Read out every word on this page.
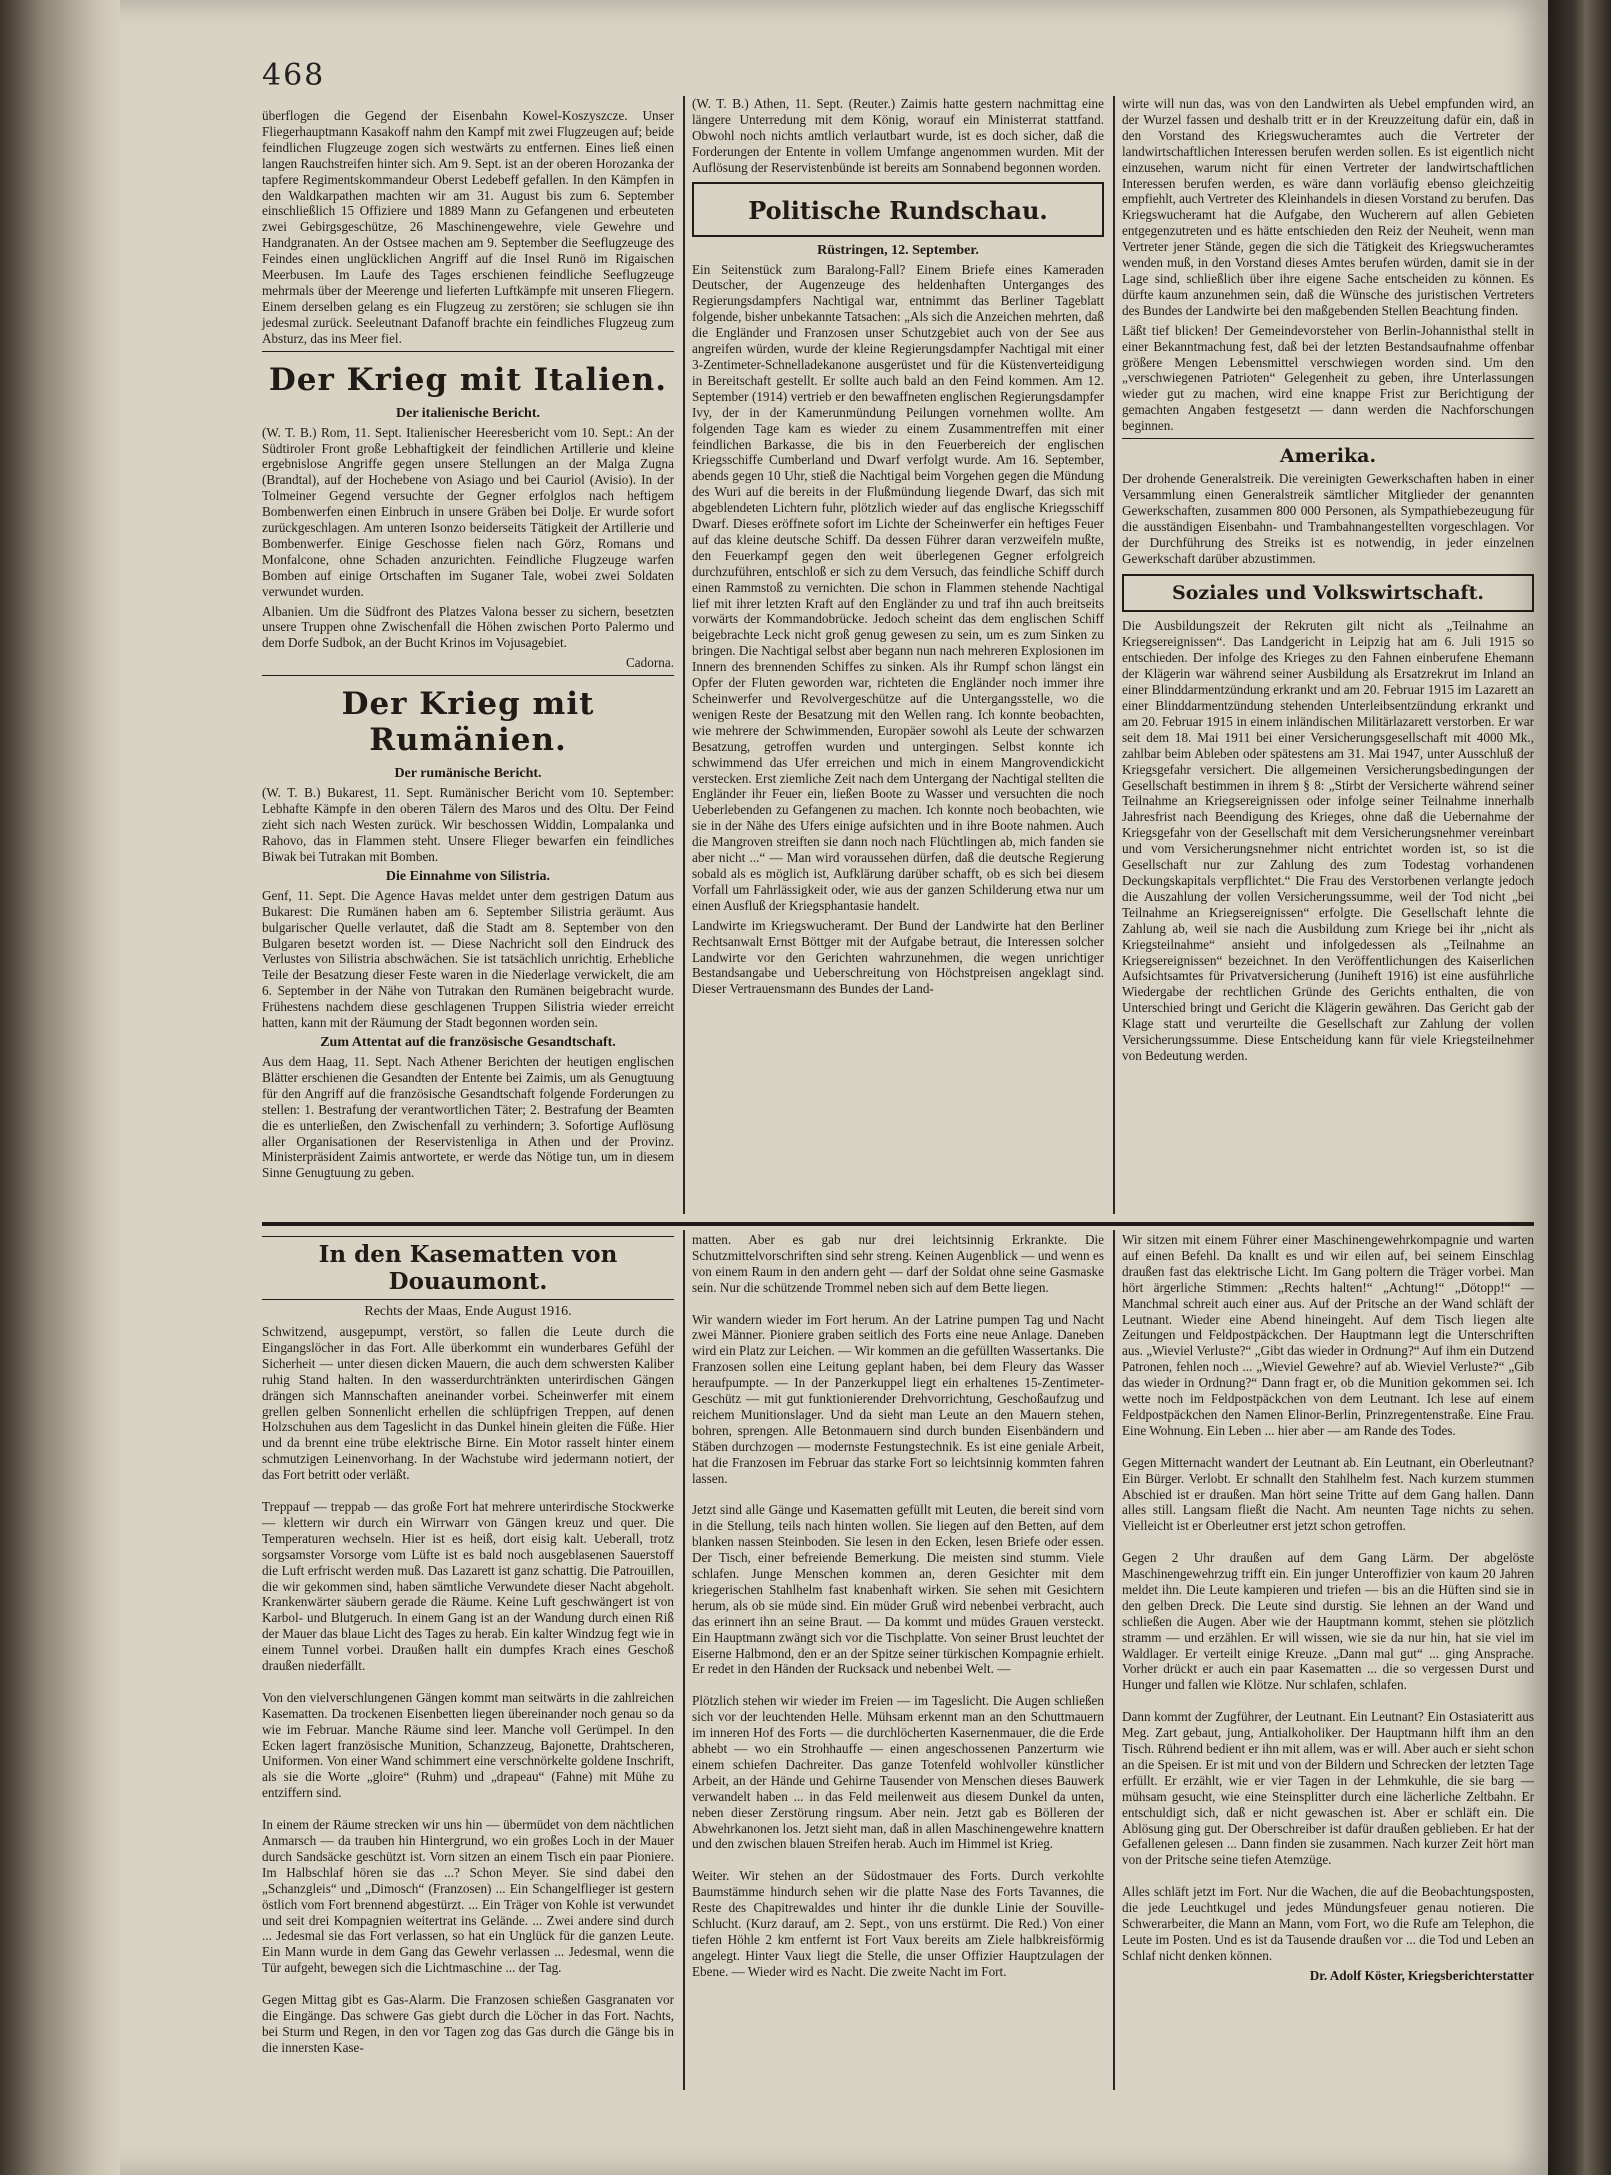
468

überflogen die Gegend der Eisenbahn Kowel-Koszyszcze. Unser Fliegerhauptmann Kasakoff nahm den Kampf mit zwei Flugzeugen auf; beide feindlichen Flugzeuge zogen sich westwärts zu entfernen. Eines ließ einen langen Rauchstreifen hinter sich. Am 9. Sept. ist an der oberen Horozanka der tapfere Regimentskommandeur Oberst Ledebeff gefallen. In den Kämpfen in den Waldkarpathen machten wir am 31. August bis zum 6. September einschließlich 15 Offiziere und 1889 Mann zu Gefangenen und erbeuteten zwei Gebirgsgeschütze, 26 Maschinengewehre, viele Gewehre und Handgranaten. An der Ostsee machen am 9. September die Seeflugzeuge des Feindes einen unglücklichen Angriff auf die Insel Runö im Rigaischen Meerbusen. Im Laufe des Tages erschienen feindliche Seeflugzeuge mehrmals über der Meerenge und lieferten Luftkämpfe mit unseren Fliegern. Einem derselben gelang es ein Flugzeug zu zerstören; sie schlugen sie ihn jedesmal zurück. Seeleutnant Dafanoff brachte ein feindliches Flugzeug zum Absturz, das ins Meer fiel.

Der Krieg mit Italien.
Der italienische Bericht.

(W. T. B.) Rom, 11. Sept. Italienischer Heeresbericht vom 10. Sept.: An der Südtiroler Front große Lebhaftigkeit der feindlichen Artillerie und kleine ergebnislose Angriffe gegen unsere Stellungen an der Malga Zugna (Brandtal), auf der Hochebene von Asiago und bei Cauriol (Avisio). In der Tolmeiner Gegend versuchte der Gegner erfolglos nach heftigem Bombenwerfen einen Einbruch in unsere Gräben bei Dolje. Er wurde sofort zurückgeschlagen. Am unteren Isonzo beiderseits Tätigkeit der Artillerie und Bombenwerfer. Einige Geschosse fielen nach Görz, Romans und Monfalcone, ohne Schaden anzurichten. Feindliche Flugzeuge warfen Bomben auf einige Ortschaften im Suganer Tale, wobei zwei Soldaten verwundet wurden.

Albanien. Um die Südfront des Platzes Valona besser zu sichern, besetzten unsere Truppen ohne Zwischenfall die Höhen zwischen Porto Palermo und dem Dorfe Sudbok, an der Bucht Krinos im Vojusagebiet.

Cadorna.

Der Krieg mit Rumänien.
Der rumänische Bericht.

(W. T. B.) Bukarest, 11. Sept. Rumänischer Bericht vom 10. September: Lebhafte Kämpfe in den oberen Tälern des Maros und des Oltu. Der Feind zieht sich nach Westen zurück. Wir beschossen Widdin, Lompalanka und Rahovo, das in Flammen steht. Unsere Flieger bewarfen ein feindliches Biwak bei Tutrakan mit Bomben.

Die Einnahme von Silistria.

Genf, 11. Sept. Die Agence Havas meldet unter dem gestrigen Datum aus Bukarest: Die Rumänen haben am 6. September Silistria geräumt. Aus bulgarischer Quelle verlautet, daß die Stadt am 8. September von den Bulgaren besetzt worden ist. — Diese Nachricht soll den Eindruck des Verlustes von Silistria abschwächen. Sie ist tatsächlich unrichtig. Erhebliche Teile der Besatzung dieser Feste waren in die Niederlage verwickelt, die am 6. September in der Nähe von Tutrakan den Rumänen beigebracht wurde. Frühestens nachdem diese geschlagenen Truppen Silistria wieder erreicht hatten, kann mit der Räumung der Stadt begonnen worden sein.

Zum Attentat auf die französische Gesandtschaft.

Aus dem Haag, 11. Sept. Nach Athener Berichten der heutigen englischen Blätter erschienen die Gesandten der Entente bei Zaimis, um als Genugtuung für den Angriff auf die französische Gesandtschaft folgende Forderungen zu stellen: 1. Bestrafung der verantwortlichen Täter; 2. Bestrafung der Beamten die es unterließen, den Zwischenfall zu verhindern; 3. Sofortige Auflösung aller Organisationen der Reservistenliga in Athen und der Provinz. Ministerpräsident Zaimis antwortete, er werde das Nötige tun, um in diesem Sinne Genugtuung zu geben.

(W. T. B.) Athen, 11. Sept. (Reuter.) Zaimis hatte gestern nachmittag eine längere Unterredung mit dem König, worauf ein Ministerrat stattfand. Obwohl noch nichts amtlich verlautbart wurde, ist es doch sicher, daß die Forderungen der Entente in vollem Umfange angenommen wurden. Mit der Auflösung der Reservistenbünde ist bereits am Sonnabend begonnen worden.

Politische Rundschau.
Rüstringen, 12. September.

Ein Seitenstück zum Baralong-Fall? Einem Briefe eines Kameraden Deutscher, der Augenzeuge des heldenhaften Unterganges des Regierungsdampfers Nachtigal war, entnimmt das Berliner Tageblatt folgende, bisher unbekannte Tatsachen: „Als sich die Anzeichen mehrten, daß die Engländer und Franzosen unser Schutzgebiet auch von der See aus angreifen würden, wurde der kleine Regierungsdampfer Nachtigal mit einer 3-Zentimeter-Schnelladekanone ausgerüstet und für die Küstenverteidigung in Bereitschaft gestellt. Er sollte auch bald an den Feind kommen. Am 12. September (1914) vertrieb er den bewaffneten englischen Regierungsdampfer Ivy, der in der Kamerunmündung Peilungen vornehmen wollte. Am folgenden Tage kam es wieder zu einem Zusammentreffen mit einer feindlichen Barkasse, die bis in den Feuerbereich der englischen Kriegsschiffe Cumberland und Dwarf verfolgt wurde. Am 16. September, abends gegen 10 Uhr, stieß die Nachtigal beim Vorgehen gegen die Mündung des Wuri auf die bereits in der Flußmündung liegende Dwarf, das sich mit abgeblendeten Lichtern fuhr, plötzlich wieder auf das englische Kriegsschiff Dwarf. Dieses eröffnete sofort im Lichte der Scheinwerfer ein heftiges Feuer auf das kleine deutsche Schiff. Da dessen Führer daran verzweifeln mußte, den Feuerkampf gegen den weit überlegenen Gegner erfolgreich durchzuführen, entschloß er sich zu dem Versuch, das feindliche Schiff durch einen Rammstoß zu vernichten. Die schon in Flammen stehende Nachtigal lief mit ihrer letzten Kraft auf den Engländer zu und traf ihn auch breitseits vorwärts der Kommandobrücke. Jedoch scheint das dem englischen Schiff beigebrachte Leck nicht groß genug gewesen zu sein, um es zum Sinken zu bringen. Die Nachtigal selbst aber begann nun nach mehreren Explosionen im Innern des brennenden Schiffes zu sinken. Als ihr Rumpf schon längst ein Opfer der Fluten geworden war, richteten die Engländer noch immer ihre Scheinwerfer und Revolvergeschütze auf die Untergangsstelle, wo die wenigen Reste der Besatzung mit den Wellen rang. Ich konnte beobachten, wie mehrere der Schwimmenden, Europäer sowohl als Leute der schwarzen Besatzung, getroffen wurden und untergingen. Selbst konnte ich schwimmend das Ufer erreichen und mich in einem Mangrovendickicht verstecken. Erst ziemliche Zeit nach dem Untergang der Nachtigal stellten die Engländer ihr Feuer ein, ließen Boote zu Wasser und versuchten die noch Ueberlebenden zu Gefangenen zu machen. Ich konnte noch beobachten, wie sie in der Nähe des Ufers einige aufsichten und in ihre Boote nahmen. Auch die Mangroven streiften sie dann noch nach Flüchtlingen ab, mich fanden sie aber nicht ...“ — Man wird voraussehen dürfen, daß die deutsche Regierung sobald als es möglich ist, Aufklärung darüber schafft, ob es sich bei diesem Vorfall um Fahrlässigkeit oder, wie aus der ganzen Schilderung etwa nur um einen Ausfluß der Kriegsphantasie handelt.

Landwirte im Kriegswucheramt. Der Bund der Landwirte hat den Berliner Rechtsanwalt Ernst Böttger mit der Aufgabe betraut, die Interessen solcher Landwirte vor den Gerichten wahrzunehmen, die wegen unrichtiger Bestandsangabe und Ueberschreitung von Höchstpreisen angeklagt sind. Dieser Vertrauensmann des Bundes der Land-

wirte will nun das, was von den Landwirten als Uebel empfunden wird, an der Wurzel fassen und deshalb tritt er in der Kreuzzeitung dafür ein, daß in den Vorstand des Kriegswucheramtes auch die Vertreter der landwirtschaftlichen Interessen berufen werden sollen. Es ist eigentlich nicht einzusehen, warum nicht für einen Vertreter der landwirtschaftlichen Interessen berufen werden, es wäre dann vorläufig ebenso gleichzeitig empfiehlt, auch Vertreter des Kleinhandels in diesen Vorstand zu berufen. Das Kriegswucheramt hat die Aufgabe, den Wucherern auf allen Gebieten entgegenzutreten und es hätte entschieden den Reiz der Neuheit, wenn man Vertreter jener Stände, gegen die sich die Tätigkeit des Kriegswucheramtes wenden muß, in den Vorstand dieses Amtes berufen würden, damit sie in der Lage sind, schließlich über ihre eigene Sache entscheiden zu können. Es dürfte kaum anzunehmen sein, daß die Wünsche des juristischen Vertreters des Bundes der Landwirte bei den maßgebenden Stellen Beachtung finden.

Läßt tief blicken! Der Gemeindevorsteher von Berlin-Johannisthal stellt in einer Bekanntmachung fest, daß bei der letzten Bestandsaufnahme offenbar größere Mengen Lebensmittel verschwiegen worden sind. Um den „verschwiegenen Patrioten“ Gelegenheit zu geben, ihre Unterlassungen wieder gut zu machen, wird eine knappe Frist zur Berichtigung der gemachten Angaben festgesetzt — dann werden die Nachforschungen beginnen.

Amerika.

Der drohende Generalstreik. Die vereinigten Gewerkschaften haben in einer Versammlung einen Generalstreik sämtlicher Mitglieder der genannten Gewerkschaften, zusammen 800 000 Personen, als Sympathiebezeugung für die ausständigen Eisenbahn- und Trambahnangestellten vorgeschlagen. Vor der Durchführung des Streiks ist es notwendig, in jeder einzelnen Gewerkschaft darüber abzustimmen.

Soziales und Volkswirtschaft.

Die Ausbildungszeit der Rekruten gilt nicht als „Teilnahme an Kriegsereignissen“. Das Landgericht in Leipzig hat am 6. Juli 1915 so entschieden. Der infolge des Krieges zu den Fahnen einberufene Ehemann der Klägerin war während seiner Ausbildung als Ersatzrekrut im Inland an einer Blinddarmentzündung erkrankt und am 20. Februar 1915 im Lazarett an einer Blinddarmentzündung stehenden Unterleibsentzündung erkrankt und am 20. Februar 1915 in einem inländischen Militärlazarett verstorben. Er war seit dem 18. Mai 1911 bei einer Versicherungsgesellschaft mit 4000 Mk., zahlbar beim Ableben oder spätestens am 31. Mai 1947, unter Ausschluß der Kriegsgefahr versichert. Die allgemeinen Versicherungsbedingungen der Gesellschaft bestimmen in ihrem § 8: „Stirbt der Versicherte während seiner Teilnahme an Kriegsereignissen oder infolge seiner Teilnahme innerhalb Jahresfrist nach Beendigung des Krieges, ohne daß die Uebernahme der Kriegsgefahr von der Gesellschaft mit dem Versicherungsnehmer vereinbart und vom Versicherungsnehmer nicht entrichtet worden ist, so ist die Gesellschaft nur zur Zahlung des zum Todestag vorhandenen Deckungskapitals verpflichtet.“ Die Frau des Verstorbenen verlangte jedoch die Auszahlung der vollen Versicherungssumme, weil der Tod nicht „bei Teilnahme an Kriegsereignissen“ erfolgte. Die Gesellschaft lehnte die Zahlung ab, weil sie nach die Ausbildung zum Kriege bei ihr „nicht als Kriegsteilnahme“ ansieht und infolgedessen als „Teilnahme an Kriegsereignissen“ bezeichnet. In den Veröffentlichungen des Kaiserlichen Aufsichtsamtes für Privatversicherung (Juniheft 1916) ist eine ausführliche Wiedergabe der rechtlichen Gründe des Gerichts enthalten, die von Unterschied bringt und Gericht die Klägerin gewähren. Das Gericht gab der Klage statt und verurteilte die Gesellschaft zur Zahlung der vollen Versicherungssumme. Diese Entscheidung kann für viele Kriegsteilnehmer von Bedeutung werden.

In den Kasematten von Douaumont.
Rechts der Maas, Ende August 1916.

Schwitzend, ausgepumpt, verstört, so fallen die Leute durch die Eingangslöcher in das Fort. Alle überkommt ein wunderbares Gefühl der Sicherheit — unter diesen dicken Mauern, die auch dem schwersten Kaliber ruhig Stand halten. In den wasserdurchtränkten unterirdischen Gängen drängen sich Mannschaften aneinander vorbei. Scheinwerfer mit einem grellen gelben Sonnenlicht erhellen die schlüpfrigen Treppen, auf denen Holzschuhen aus dem Tageslicht in das Dunkel hinein gleiten die Füße. Hier und da brennt eine trübe elektrische Birne. Ein Motor rasselt hinter einem schmutzigen Leinenvorhang. In der Wachstube wird jedermann notiert, der das Fort betritt oder verläßt.

Treppauf — treppab — das große Fort hat mehrere unterirdische Stockwerke — klettern wir durch ein Wirrwarr von Gängen kreuz und quer. Die Temperaturen wechseln. Hier ist es heiß, dort eisig kalt. Ueberall, trotz sorgsamster Vorsorge vom Lüfte ist es bald noch ausgeblasenen Sauerstoff die Luft erfrischt werden muß. Das Lazarett ist ganz schattig. Die Patrouillen, die wir gekommen sind, haben sämtliche Verwundete dieser Nacht abgeholt. Krankenwärter säubern gerade die Räume. Keine Luft geschwängert ist von Karbol- und Blutgeruch. In einem Gang ist an der Wandung durch einen Riß der Mauer das blaue Licht des Tages zu herab. Ein kalter Windzug fegt wie in einem Tunnel vorbei. Draußen hallt ein dumpfes Krach eines Geschoß draußen niederfällt.

Von den vielverschlungenen Gängen kommt man seitwärts in die zahlreichen Kasematten. Da trockenen Eisenbetten liegen übereinander noch genau so da wie im Februar. Manche Räume sind leer. Manche voll Gerümpel. In den Ecken lagert französische Munition, Schanzzeug, Bajonette, Drahtscheren, Uniformen. Von einer Wand schimmert eine verschnörkelte goldene Inschrift, als sie die Worte „gloire“ (Ruhm) und „drapeau“ (Fahne) mit Mühe zu entziffern sind.

In einem der Räume strecken wir uns hin — übermüdet von dem nächtlichen Anmarsch — da trauben hin Hintergrund, wo ein großes Loch in der Mauer durch Sandsäcke geschützt ist. Vorn sitzen an einem Tisch ein paar Pioniere. Im Halbschlaf hören sie das ...? Schon Meyer. Sie sind dabei den „Schanzgleis“ und „Dimosch“ (Franzosen) ... Ein Schangelflieger ist gestern östlich vom Fort brennend abgestürzt. ... Ein Träger von Kohle ist verwundet und seit drei Kompagnien weitertrat ins Gelände. ... Zwei andere sind durch ... Jedesmal sie das Fort verlassen, so hat ein Unglück für die ganzen Leute. Ein Mann wurde in dem Gang das Gewehr verlassen ... Jedesmal, wenn die Tür aufgeht, bewegen sich die Lichtmaschine ... der Tag.

Gegen Mittag gibt es Gas-Alarm. Die Franzosen schießen Gasgranaten vor die Eingänge. Das schwere Gas giebt durch die Löcher in das Fort. Nachts, bei Sturm und Regen, in den vor Tagen zog das Gas durch die Gänge bis in die innersten Kase-

matten. Aber es gab nur drei leichtsinnig Erkrankte. Die Schutzmittelvorschriften sind sehr streng. Keinen Augenblick — und wenn es von einem Raum in den andern geht — darf der Soldat ohne seine Gasmaske sein. Nur die schützende Trommel neben sich auf dem Bette liegen.

Wir wandern wieder im Fort herum. An der Latrine pumpen Tag und Nacht zwei Männer. Pioniere graben seitlich des Forts eine neue Anlage. Daneben wird ein Platz zur Leichen. — Wir kommen an die gefüllten Wassertanks. Die Franzosen sollen eine Leitung geplant haben, bei dem Fleury das Wasser heraufpumpte. — In der Panzerkuppel liegt ein erhaltenes 15-Zentimeter-Geschütz — mit gut funktionierender Drehvorrichtung, Geschoßaufzug und reichem Munitionslager. Und da sieht man Leute an den Mauern stehen, bohren, sprengen. Alle Betonmauern sind durch bunden Eisenbändern und Stäben durchzogen — modernste Festungstechnik. Es ist eine geniale Arbeit, hat die Franzosen im Februar das starke Fort so leichtsinnig kommten fahren lassen.

Jetzt sind alle Gänge und Kasematten gefüllt mit Leuten, die bereit sind vorn in die Stellung, teils nach hinten wollen. Sie liegen auf den Betten, auf dem blanken nassen Steinboden. Sie lesen in den Ecken, lesen Briefe oder essen. Der Tisch, einer befreiende Bemerkung. Die meisten sind stumm. Viele schlafen. Junge Menschen kommen an, deren Gesichter mit dem kriegerischen Stahlhelm fast knabenhaft wirken. Sie sehen mit Gesichtern herum, als ob sie müde sind. Ein müder Gruß wird nebenbei verbracht, auch das erinnert ihn an seine Braut. — Da kommt und müdes Grauen versteckt. Ein Hauptmann zwängt sich vor die Tischplatte. Von seiner Brust leuchtet der Eiserne Halbmond, den er an der Spitze seiner türkischen Kompagnie erhielt. Er redet in den Händen der Rucksack und nebenbei Welt. —

Plötzlich stehen wir wieder im Freien — im Tageslicht. Die Augen schließen sich vor der leuchtenden Helle. Mühsam erkennt man an den Schuttmauern im inneren Hof des Forts — die durchlöcherten Kasernenmauer, die die Erde abhebt — wo ein Strohhauffe — einen angeschossenen Panzerturm wie einem schiefen Dachreiter. Das ganze Totenfeld wohlvoller künstlicher Arbeit, an der Hände und Gehirne Tausender von Menschen dieses Bauwerk verwandelt haben ... in das Feld meilenweit aus diesem Dunkel da unten, neben dieser Zerstörung ringsum. Aber nein. Jetzt gab es Bölleren der Abwehrkanonen los. Jetzt sieht man, daß in allen Maschinengewehre knattern und den zwischen blauen Streifen herab. Auch im Himmel ist Krieg.

Weiter. Wir stehen an der Südostmauer des Forts. Durch verkohlte Baumstämme hindurch sehen wir die platte Nase des Forts Tavannes, die Reste des Chapitrewaldes und hinter ihr die dunkle Linie der Souville-Schlucht. (Kurz darauf, am 2. Sept., von uns erstürmt. Die Red.) Von einer tiefen Höhle 2 km entfernt ist Fort Vaux bereits am Ziele halbkreisförmig angelegt. Hinter Vaux liegt die Stelle, die unser Offizier Hauptzulagen der Ebene. — Wieder wird es Nacht. Die zweite Nacht im Fort.

Wir sitzen mit einem Führer einer Maschinengewehrkompagnie und warten auf einen Befehl. Da knallt es und wir eilen auf, bei seinem Einschlag draußen fast das elektrische Licht. Im Gang poltern die Träger vorbei. Man hört ärgerliche Stimmen: „Rechts halten!“ „Achtung!“ „Dötopp!“ — Manchmal schreit auch einer aus. Auf der Pritsche an der Wand schläft der Leutnant. Wieder eine Abend hineingeht. Auf dem Tisch liegen alte Zeitungen und Feldpostpäckchen. Der Hauptmann legt die Unterschriften aus. „Wieviel Verluste?“ „Gibt das wieder in Ordnung?“ Auf ihm ein Dutzend Patronen, fehlen noch ... „Wieviel Gewehre? auf ab. Wieviel Verluste?“ „Gib das wieder in Ordnung?“ Dann fragt er, ob die Munition gekommen sei. Ich wette noch im Feldpostpäckchen von dem Leutnant. Ich lese auf einem Feldpostpäckchen den Namen Elinor-Berlin, Prinzregentenstraße. Eine Frau. Eine Wohnung. Ein Leben ... hier aber — am Rande des Todes.

Gegen Mitternacht wandert der Leutnant ab. Ein Leutnant, ein Oberleutnant? Ein Bürger. Verlobt. Er schnallt den Stahlhelm fest. Nach kurzem stummen Abschied ist er draußen. Man hört seine Tritte auf dem Gang hallen. Dann alles still. Langsam fließt die Nacht. Am neunten Tage nichts zu sehen. Vielleicht ist er Oberleutner erst jetzt schon getroffen.

Gegen 2 Uhr draußen auf dem Gang Lärm. Der abgelöste Maschinengewehrzug trifft ein. Ein junger Unteroffizier von kaum 20 Jahren meldet ihn. Die Leute kampieren und triefen — bis an die Hüften sind sie in den gelben Dreck. Die Leute sind durstig. Sie lehnen an der Wand und schließen die Augen. Aber wie der Hauptmann kommt, stehen sie plötzlich stramm — und erzählen. Er will wissen, wie sie da nur hin, hat sie viel im Waldlager. Er verteilt einige Kreuze. „Dann mal gut“ ... ging Ansprache. Vorher drückt er auch ein paar Kasematten ... die so vergessen Durst und Hunger und fallen wie Klötze. Nur schlafen, schlafen.

Dann kommt der Zugführer, der Leutnant. Ein Leutnant? Ein Ostasiateritt aus Meg. Zart gebaut, jung, Antialkoholiker. Der Hauptmann hilft ihm an den Tisch. Rührend bedient er ihn mit allem, was er will. Aber auch er sieht schon an die Speisen. Er ist mit und von der Bildern und Schrecken der letzten Tage erfüllt. Er erzählt, wie er vier Tagen in der Lehmkuhle, die sie barg — mühsam gesucht, wie eine Steinsplitter durch eine lächerliche Zeltbahn. Er entschuldigt sich, daß er nicht gewaschen ist. Aber er schläft ein. Die Ablösung ging gut. Der Oberschreiber ist dafür draußen geblieben. Er hat der Gefallenen gelesen ... Dann finden sie zusammen. Nach kurzer Zeit hört man von der Pritsche seine tiefen Atemzüge.

Alles schläft jetzt im Fort. Nur die Wachen, die auf die Beobachtungsposten, die jede Leuchtkugel und jedes Mündungsfeuer genau notieren. Die Schwerarbeiter, die Mann an Mann, vom Fort, wo die Rufe am Telephon, die Leute im Posten. Und es ist da Tausende draußen vor ... die Tod und Leben an Schlaf nicht denken können.

Dr. Adolf Köster, Kriegsberichterstatter
